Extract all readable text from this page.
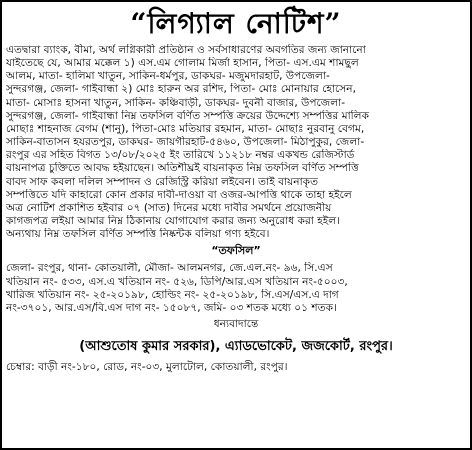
“লিগ্যাল নোটিশ”
এতদ্বারা ব্যাংক, বীমা, অর্থ লগ্নিকারী প্রতিষ্ঠান ও সর্বসাধারণের অবগতির জন্য জানানো
যাইতেছে যে, আমার মক্কেল ১) এস.এম গোলাম মির্জা হাসান, পিতা- এস.এম শামছুল
আলম, মাতা- হালিমা খাতুন, সাকিন-ধর্মপুর, ডাকঘর- মজুমদারহাট, উপজেলা-
সুন্দরগঞ্জ, জেলা- গাইবান্ধা ২) মোঃ হারুন অর রশিদ, পিতা- মোঃ মোনায়ার হোসেন,
মাতা- মোসাঃ হাসনা খাতুন, সাকিন- কঞ্চিবাড়ী, ডাকঘর- দুবনী বাজার, উপজেলা-
সুন্দরগঞ্জ, জেলা- গাইবান্ধা নিম্ন তফসিল বর্ণিত সম্পত্তি ক্রয়ের উদ্দেশ্যে সম্পত্তির মালিক
মোছাঃ শাহনাজ বেগম (শানু), পিতা-মোঃ মতিয়ার রহমান, মাতা- মোছাঃ নুরবানু বেগম,
সাকিন-বাতাসন হযরতপুর, ডাকঘর- জায়গীরহাট-৫৪৬০, উপজেলা- মিঠাপুকুর, জেলা-
রংপুর এর সহিত বিগত ১৩/০৮/২০২৫ ইং তারিখে ১১২১৮ নম্বর একখন্ড রেজিস্টার্ড
বায়নাপত্র চুক্তিতে আবদ্ধ হইয়াছেন। অতিশীঘ্রই বায়নাকৃত নিম্ন তফসিল বর্ণিত সম্পত্তি
বাবদ সাফ কবলা দলিল সম্পাদন ও রেজিস্ট্রি করিয়া লইবেন। তাই বায়নাকৃত
সম্পত্তিতে যদি কাহারো কোন প্রকার দাবী-দাওয়া বা ওজর-আপত্তি থাকে তাহা হইলে
অত্র নোটিশ প্রকাশিত হইবার ০৭ (সাত) দিনের মধ্যে দাবীর সমর্থনে প্রয়োজনীয়
কাগজপত্র লইয়া আমার নিম্ন ঠিকানায় যোগাযোগ করার জন্য অনুরোধ করা হইল।
অন্যথায় নিম্ন তফসিল বর্ণিত সম্পত্তি নিষ্কন্টক বলিয়া গণ্য হইবে।
“তফসিল”
জেলা- রংপুর, থানা- কোতয়ালী, মৌজা- আলমনগর, জে.এল.নং- ৯৬, সি.এস
খতিয়ান নং- ৫৩৩, এস.এ খতিয়ান নং- ৫২৬, ডিপি/আর.এস খতিয়ান নং-৫০০৩,
খারিজ খতিয়ান নং- ২৫-২০১৯৮, হোল্ডিং নং- ২৫-২০১৯৮, সি.এস/এস.এ দাগ
নং-৩৭০১, আর.এস/বি.এস দাগ নং- ১৫০৮৭, জমি- ০৩ শতক মধ্যে ০১ শতক।
ধন্যবাদান্তে
(আশুতোষ কুমার সরকার), এ্যাডভোকেট, জজকোর্ট, রংপুর।
চেম্বার: বাড়ী নং-১৮০, রোড, নং-০৩, মুলাটোল, কোতয়ালী, রংপুর।
